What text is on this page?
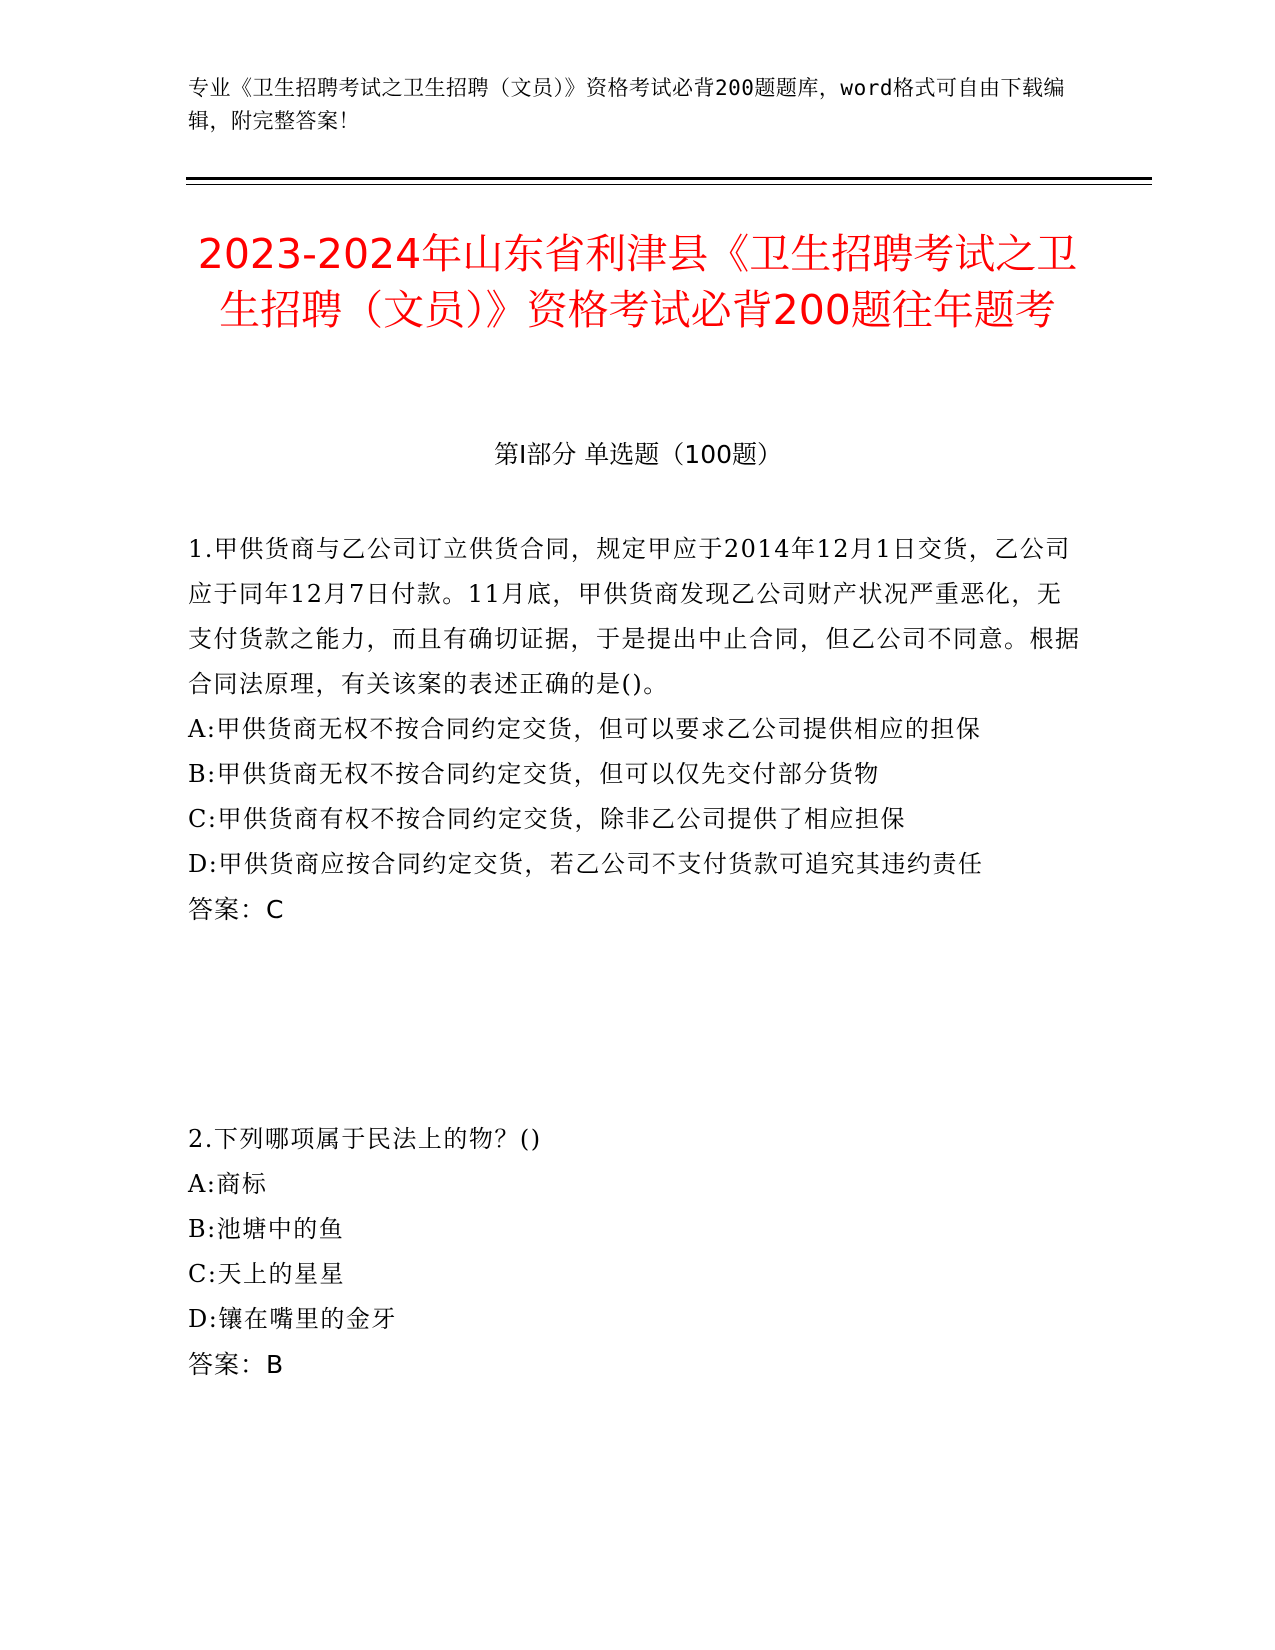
专业《卫生招聘考试之卫生招聘（文员）》资格考试必背200题题库，word格式可自由下载编辑，附完整答案！
2023-2024年山东省利津县《卫生招聘考试之卫生招聘（文员）》资格考试必背200题往年题考
第I部分 单选题（100题）

1.甲供货商与乙公司订立供货合同，规定甲应于2014年12月1日交货，乙公司应于同年12月7日付款。11月底，甲供货商发现乙公司财产状况严重恶化，无支付货款之能力，而且有确切证据，于是提出中止合同，但乙公司不同意。根据合同法原理，有关该案的表述正确的是()。

A:甲供货商无权不按合同约定交货，但可以要求乙公司提供相应的担保

B:甲供货商无权不按合同约定交货，但可以仅先交付部分货物

C:甲供货商有权不按合同约定交货，除非乙公司提供了相应担保

D:甲供货商应按合同约定交货，若乙公司不支付货款可追究其违约责任

答案：C

2.下列哪项属于民法上的物？()

A:商标

B:池塘中的鱼

C:天上的星星

D:镶在嘴里的金牙

答案：B
